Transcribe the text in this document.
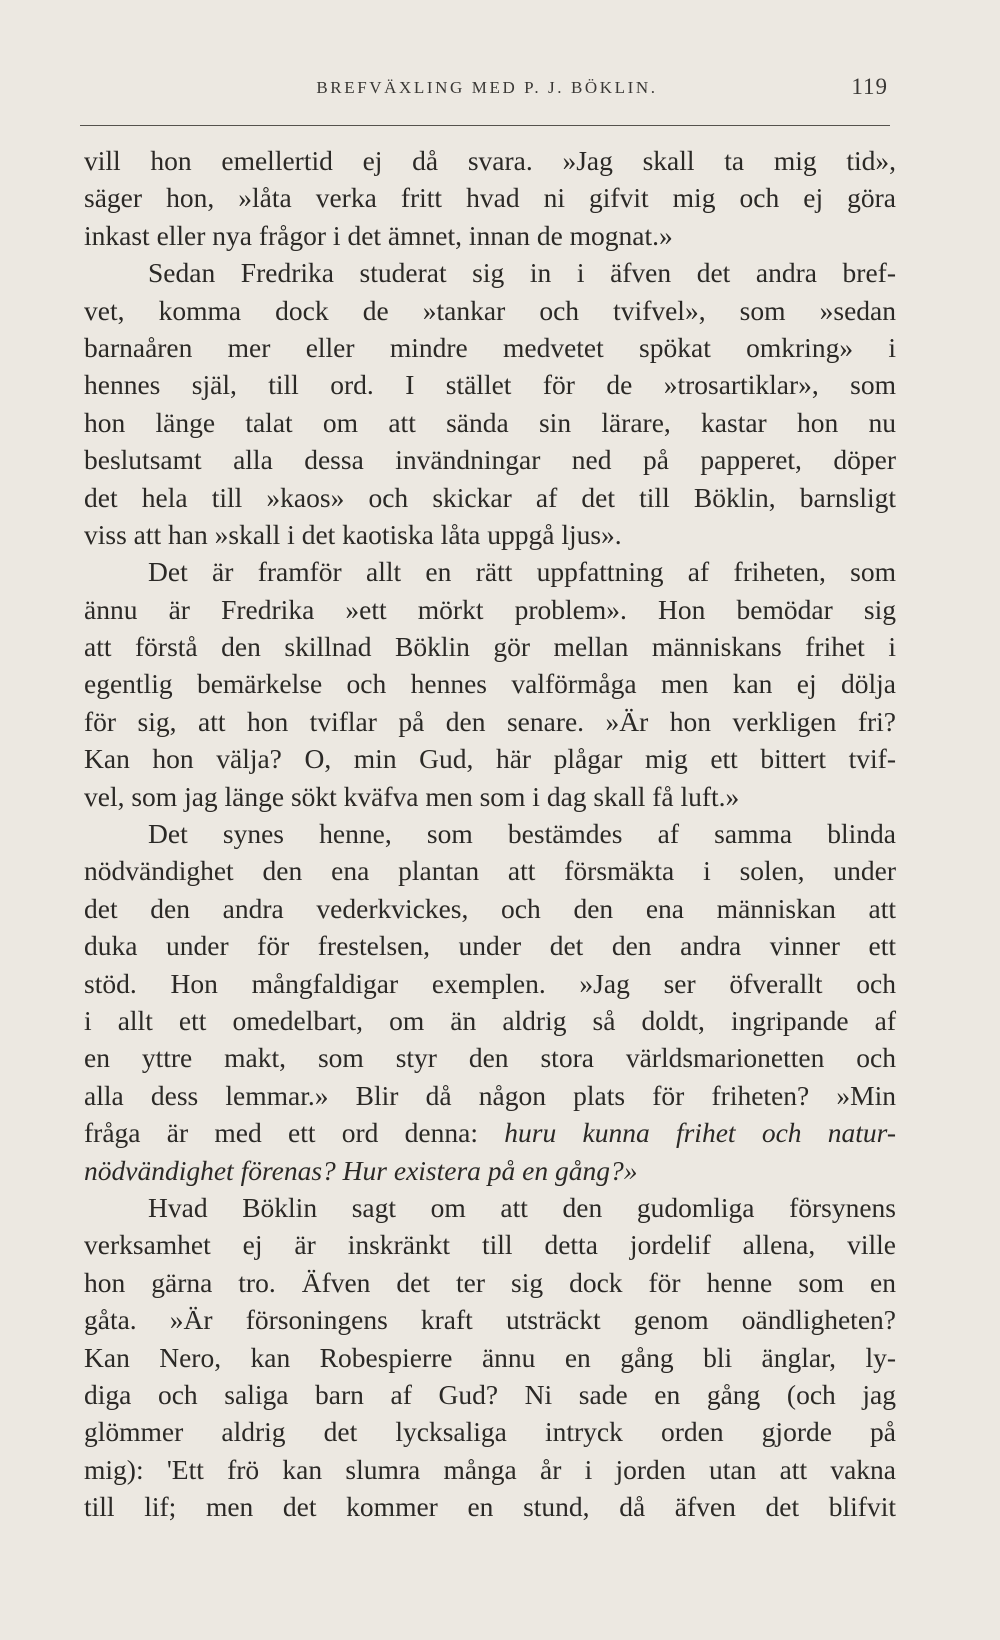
BREFVÄXLING MED P. J. BÖKLIN.	119
vill hon emellertid ej då svara. »Jag skall ta mig tid»,
säger hon, »låta verka fritt hvad ni gifvit mig och ej göra
inkast eller nya frågor i det ämnet, innan de mognat.»
Sedan Fredrika studerat sig in i äfven det andra bref-
vet, komma dock de »tankar och tvifvel», som »sedan
barnaåren mer eller mindre medvetet spökat omkring» i
hennes själ, till ord. I stället för de »trosartiklar», som
hon länge talat om att sända sin lärare, kastar hon nu
beslutsamt alla dessa invändningar ned på papperet, döper
det hela till »kaos» och skickar af det till Böklin, barnsligt
viss att han »skall i det kaotiska låta uppgå ljus».
Det är framför allt en rätt uppfattning af friheten, som
ännu är Fredrika »ett mörkt problem». Hon bemödar sig
att förstå den skillnad Böklin gör mellan människans frihet i
egentlig bemärkelse och hennes valförmåga men kan ej dölja
för sig, att hon tviflar på den senare. »Är hon verkligen fri?
Kan hon välja? O, min Gud, här plågar mig ett bittert tvif-
vel, som jag länge sökt kväfva men som i dag skall få luft.»
Det synes henne, som bestämdes af samma blinda
nödvändighet den ena plantan att försmäkta i solen, under
det den andra vederkvickes, och den ena människan att
duka under för frestelsen, under det den andra vinner ett
stöd. Hon mångfaldigar exemplen. »Jag ser öfverallt och
i allt ett omedelbart, om än aldrig så doldt, ingripande af
en yttre makt, som styr den stora världsmarionetten och
alla dess lemmar.» Blir då någon plats för friheten? »Min
fråga är med ett ord denna: huru kunna frihet och natur-
nödvändighet förenas? Hur existera på en gång?»
Hvad Böklin sagt om att den gudomliga försynens
verksamhet ej är inskränkt till detta jordelif allena, ville
hon gärna tro. Äfven det ter sig dock för henne som en
gåta. »Är försoningens kraft utsträckt genom oändligheten?
Kan Nero, kan Robespierre ännu en gång bli änglar, ly-
diga och saliga barn af Gud? Ni sade en gång (och jag
glömmer aldrig det lycksaliga intryck orden gjorde på
mig): 'Ett frö kan slumra många år i jorden utan att vakna
till lif; men det kommer en stund, då äfven det blifvit
